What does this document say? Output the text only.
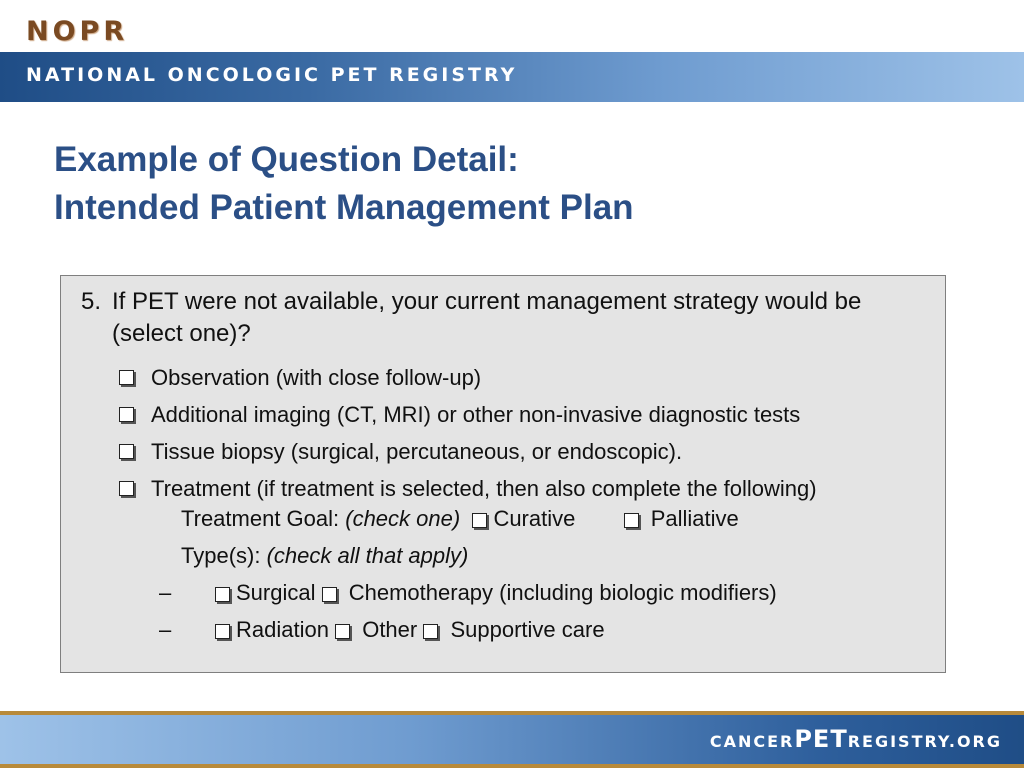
NOPR
NATIONAL ONCOLOGIC PET REGISTRY
Example of Question Detail:
Intended Patient Management Plan
5. If PET were not available, your current management strategy would be (select one)?
Observation (with close follow-up)
Additional imaging (CT, MRI) or other non-invasive diagnostic tests
Tissue biopsy (surgical, percutaneous, or endoscopic).
Treatment (if treatment is selected, then also complete the following)
Treatment Goal: (check one) Curative	Palliative
Type(s): (check all that apply)
–	Surgical Chemotherapy (including biologic modifiers)
–	Radiation Other Supportive care
CANCERPETREGISTRY.ORG
